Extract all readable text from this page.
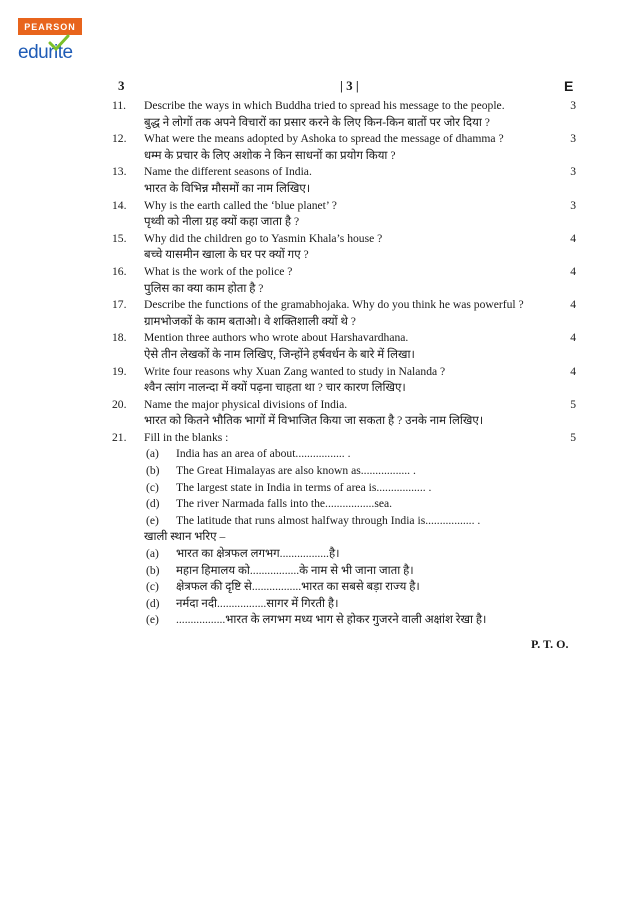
PEARSON
edurite
3	| 3 |	E
11.	Describe the ways in which Buddha tried to spread his message to the people.	3
बुद्ध ने लोगों तक अपने विचारों का प्रसार करने के लिए किन-किन बातों पर जोर दिया ?
12.	What were the means adopted by Ashoka to spread the message of dhamma ?	3
धम्म के प्रचार के लिए अशोक ने किन साधनों का प्रयोग किया ?
13.	Name the different seasons of India.	3
भारत के विभिन्न मौसमों का नाम लिखिए।
14.	Why is the earth called the ‘blue planet’ ?	3
पृथ्वी को नीला ग्रह क्यों कहा जाता है ?
15.	Why did the children go to Yasmin Khala’s house ?	4
बच्चे यासमीन खाला के घर पर क्यों गए ?
16.	What is the work of the police ?	4
पुलिस का क्या काम होता है ?
17.	Describe the functions of the gramabhojaka. Why do you think he was powerful ?	4
ग्रामभोजकों के काम बताओ। वे शक्तिशाली क्यों थे ?
18.	Mention three authors who wrote about Harshavardhana.	4
ऐसे तीन लेखकों के नाम लिखिए, जिन्होंने हर्षवर्धन के बारे में लिखा।
19.	Write four reasons why Xuan Zang wanted to study in Nalanda ?	4
श्वैन त्सांग नालन्दा में क्यों पढ़ना चाहता था ? चार कारण लिखिए।
20.	Name the major physical divisions of India.	5
भारत को कितने भौतिक भागों में विभाजित किया जा सकता है ? उनके नाम लिखिए।
21.	Fill in the blanks :	5
(a) India has an area of about................. .
(b) The Great Himalayas are also known as................. .
(c) The largest state in India in terms of area is................. .
(d) The river Narmada falls into the.................sea.
(e) The latitude that runs almost halfway through India is................. .
खाली स्थान भरिए –
(a) भारत का क्षेत्रफल लगभग.................है।
(b) महान हिमालय को.................के नाम से भी जाना जाता है।
(c) क्षेत्रफल की दृष्टि से.................भारत का सबसे बड़ा राज्य है।
(d) नर्मदा नदी.................सागर में गिरती है।
(e) .................भारत के लगभग मध्य भाग से होकर गुजरने वाली अक्षांश रेखा है।
P. T. O.
